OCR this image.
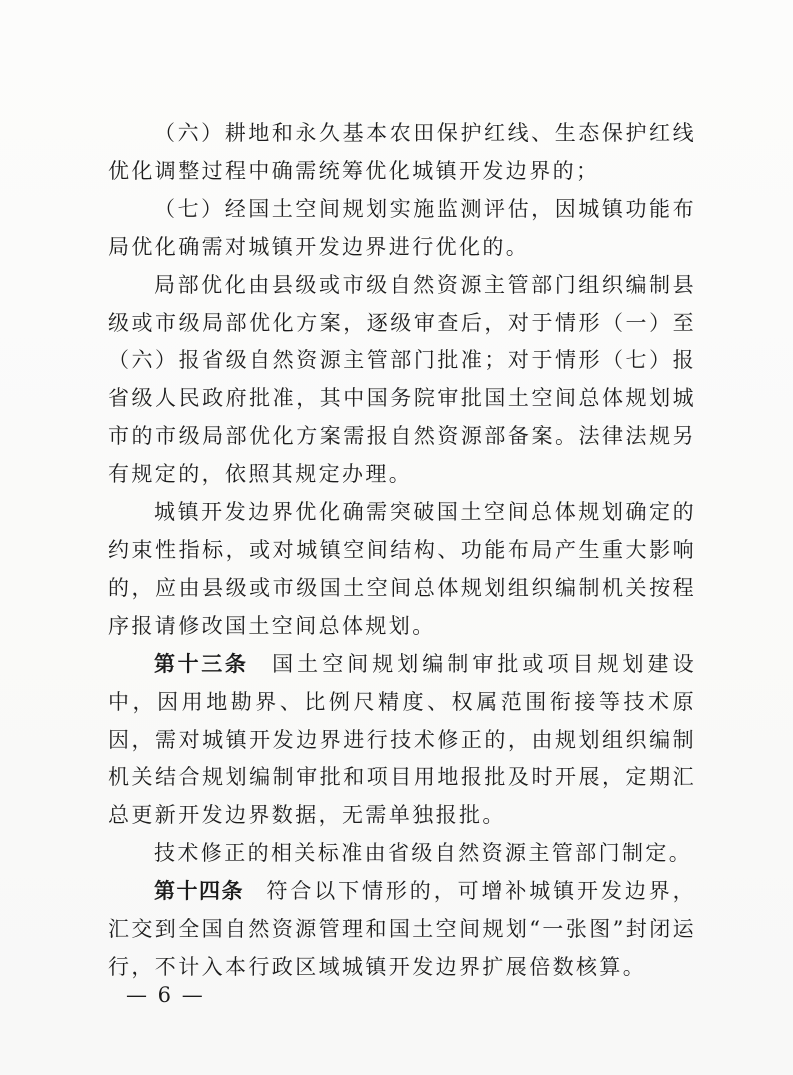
（六）耕地和永久基本农田保护红线、生态保护红线优化调整过程中确需统筹优化城镇开发边界的；

（七）经国土空间规划实施监测评估，因城镇功能布局优化确需对城镇开发边界进行优化的。

局部优化由县级或市级自然资源主管部门组织编制县级或市级局部优化方案，逐级审查后，对于情形（一）至（六）报省级自然资源主管部门批准；对于情形（七）报省级人民政府批准，其中国务院审批国土空间总体规划城市的市级局部优化方案需报自然资源部备案。法律法规另有规定的，依照其规定办理。

城镇开发边界优化确需突破国土空间总体规划确定的约束性指标，或对城镇空间结构、功能布局产生重大影响的，应由县级或市级国土空间总体规划组织编制机关按程序报请修改国土空间总体规划。

第十三条 国土空间规划编制审批或项目规划建设中，因用地勘界、比例尺精度、权属范围衔接等技术原因，需对城镇开发边界进行技术修正的，由规划组织编制机关结合规划编制审批和项目用地报批及时开展，定期汇总更新开发边界数据，无需单独报批。

技术修正的相关标准由省级自然资源主管部门制定。

第十四条 符合以下情形的，可增补城镇开发边界，汇交到全国自然资源管理和国土空间规划“一张图”封闭运行，不计入本行政区域城镇开发边界扩展倍数核算。

— 6 —
